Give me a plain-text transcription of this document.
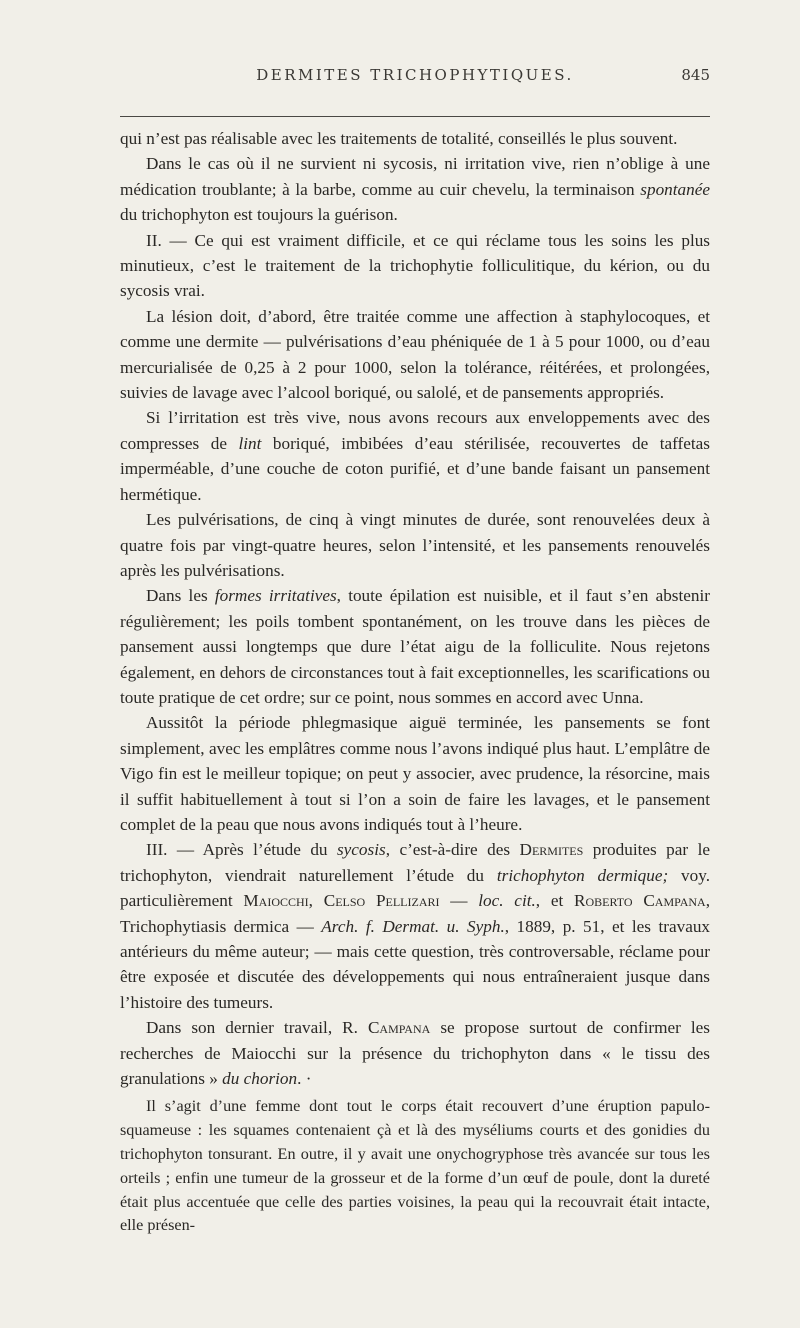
DERMITES TRICHOPHYTIQUES.	845

qui n’est pas réalisable avec les traitements de totalité, conseillés le plus souvent.

Dans le cas où il ne survient ni sycosis, ni irritation vive, rien n’oblige à une médication troublante; à la barbe, comme au cuir chevelu, la terminaison spontanée du trichophyton est toujours la guérison.

II. — Ce qui est vraiment difficile, et ce qui réclame tous les soins les plus minutieux, c’est le traitement de la trichophytie folliculitique, du kérion, ou du sycosis vrai.

La lésion doit, d’abord, être traitée comme une affection à staphylocoques, et comme une dermite — pulvérisations d’eau phéniquée de 1 à 5 pour 1000, ou d’eau mercurialisée de 0,25 à 2 pour 1000, selon la tolérance, réitérées, et prolongées, suivies de lavage avec l’alcool boriqué, ou salolé, et de pansements appropriés.

Si l’irritation est très vive, nous avons recours aux enveloppements avec des compresses de lint boriqué, imbibées d’eau stérilisée, recouvertes de taffetas imperméable, d’une couche de coton purifié, et d’une bande faisant un pansement hermétique.

Les pulvérisations, de cinq à vingt minutes de durée, sont renouvelées deux à quatre fois par vingt-quatre heures, selon l’intensité, et les pansements renouvelés après les pulvérisations.

Dans les formes irritatives, toute épilation est nuisible, et il faut s’en abstenir régulièrement; les poils tombent spontanément, on les trouve dans les pièces de pansement aussi longtemps que dure l’état aigu de la folliculite. Nous rejetons également, en dehors de circonstances tout à fait exceptionnelles, les scarifications ou toute pratique de cet ordre; sur ce point, nous sommes en accord avec Unna.

Aussitôt la période phlegmasique aiguë terminée, les pansements se font simplement, avec les emplâtres comme nous l’avons indiqué plus haut. L’emplâtre de Vigo fin est le meilleur topique; on peut y associer, avec prudence, la résorcine, mais il suffit habituellement à tout si l’on a soin de faire les lavages, et le pansement complet de la peau que nous avons indiqués tout à l’heure.

III. — Après l’étude du sycosis, c’est-à-dire des Dermites produites par le trichophyton, viendrait naturellement l’étude du trichophyton dermique; voy. particulièrement Maiocchi, Celso Pellizari — loc. cit., et Roberto Campana, Trichophytiasis dermica — Arch. f. Dermat. u. Syph., 1889, p. 51, et les travaux antérieurs du même auteur; — mais cette question, très controversable, réclame pour être exposée et discutée des développements qui nous entraîneraient jusque dans l’histoire des tumeurs.

Dans son dernier travail, R. Campana se propose surtout de confirmer les recherches de Maiocchi sur la présence du trichophyton dans « le tissu des granulations » du chorion. ·

Il s’agit d’une femme dont tout le corps était recouvert d’une éruption papulo-squameuse : les squames contenaient çà et là des myséliums courts et des gonidies du trichophyton tonsurant. En outre, il y avait une onychogryphose très avancée sur tous les orteils ; enfin une tumeur de la grosseur et de la forme d’un œuf de poule, dont la dureté était plus accentuée que celle des parties voisines, la peau qui la recouvrait était intacte, elle présen-
